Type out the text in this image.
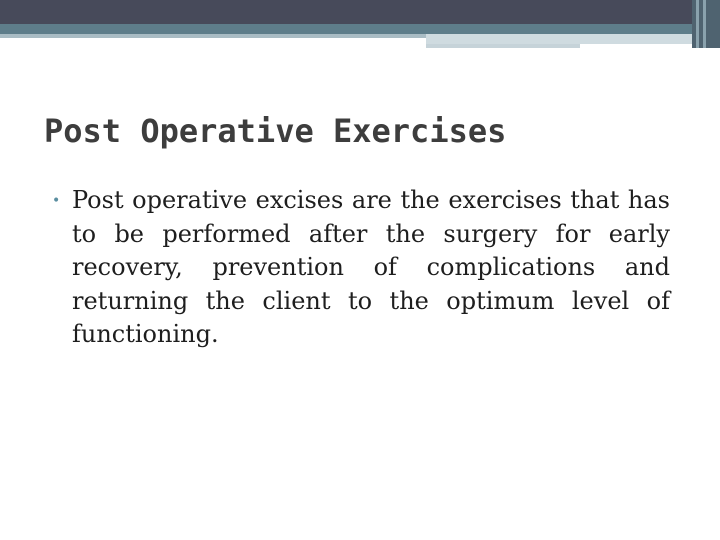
Post Operative Exercises
• Post operative excises are the exercises that has to be performed after the surgery for early recovery, prevention of complications and returning the client to the optimum level of functioning.
